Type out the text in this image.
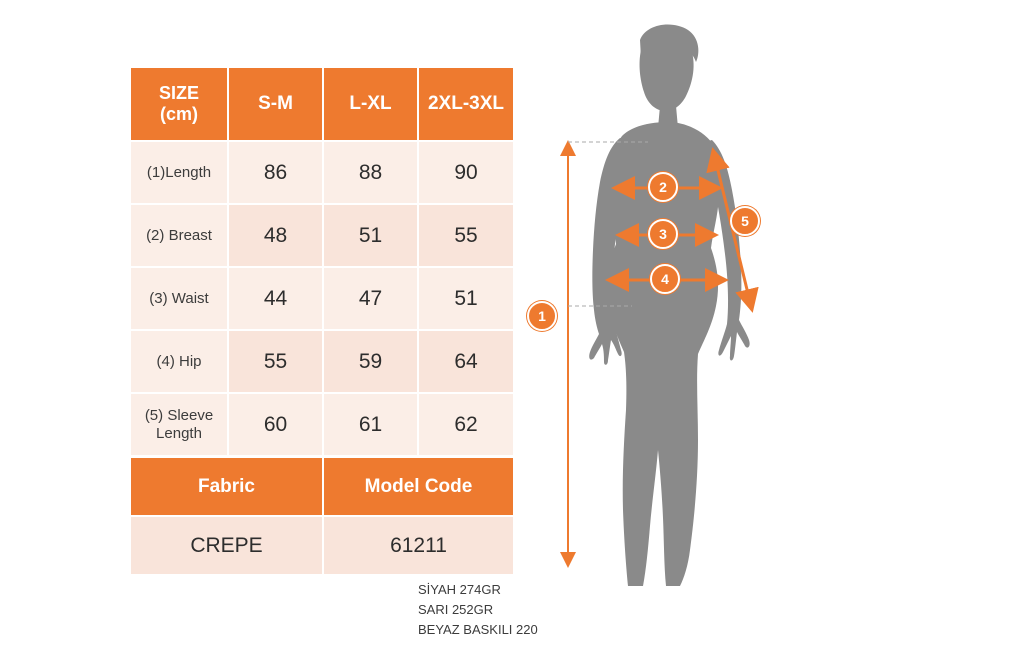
SIZE
(cm)	S-M	L-XL	2XL-3XL
(1)Length	86	88	90
(2) Breast	48	51	55
(3) Waist	44	47	51
(4) Hip	55	59	64
(5) Sleeve Length	60	61	62
Fabric	Model Code
CREPE	61211
SİYAH 274GR
SARI 252GR
BEYAZ BASKILI 220
1
2
3
4
5
